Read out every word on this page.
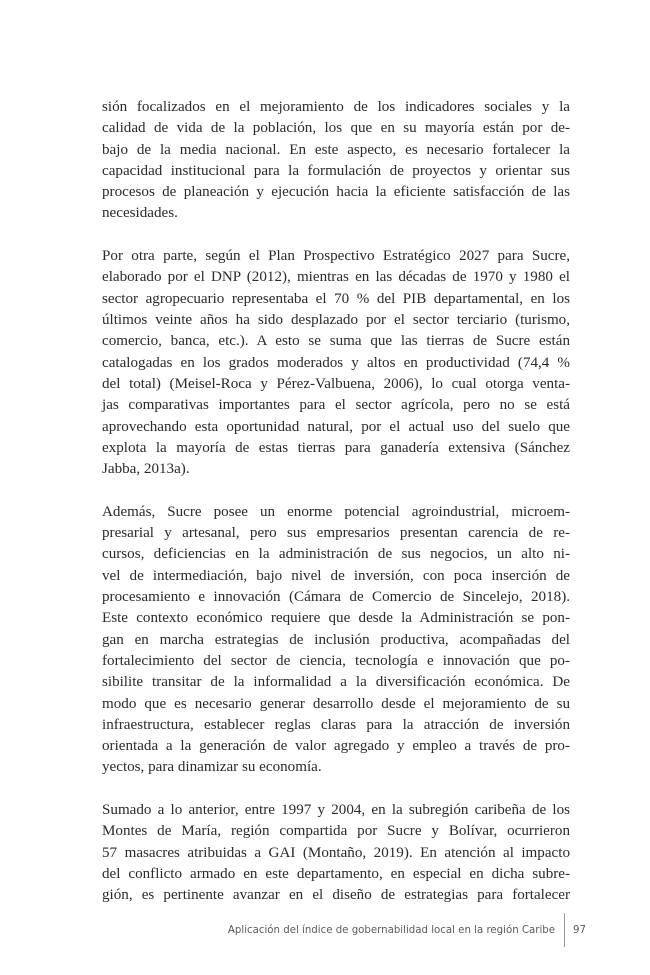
sión focalizados en el mejoramiento de los indicadores sociales y la
calidad de vida de la población, los que en su mayoría están por de-
bajo de la media nacional. En este aspecto, es necesario fortalecer la
capacidad institucional para la formulación de proyectos y orientar sus
procesos de planeación y ejecución hacia la eficiente satisfacción de las
necesidades.

Por otra parte, según el Plan Prospectivo Estratégico 2027 para Sucre,
elaborado por el DNP (2012), mientras en las décadas de 1970 y 1980 el
sector agropecuario representaba el 70 % del PIB departamental, en los
últimos veinte años ha sido desplazado por el sector terciario (turismo,
comercio, banca, etc.). A esto se suma que las tierras de Sucre están
catalogadas en los grados moderados y altos en productividad (74,4 %
del total) (Meisel-Roca y Pérez-Valbuena, 2006), lo cual otorga venta-
jas comparativas importantes para el sector agrícola, pero no se está
aprovechando esta oportunidad natural, por el actual uso del suelo que
explota la mayoría de estas tierras para ganadería extensiva (Sánchez
Jabba, 2013a).

Además, Sucre posee un enorme potencial agroindustrial, microem-
presarial y artesanal, pero sus empresarios presentan carencia de re-
cursos, deficiencias en la administración de sus negocios, un alto ni-
vel de intermediación, bajo nivel de inversión, con poca inserción de
procesamiento e innovación (Cámara de Comercio de Sincelejo, 2018).
Este contexto económico requiere que desde la Administración se pon-
gan en marcha estrategias de inclusión productiva, acompañadas del
fortalecimiento del sector de ciencia, tecnología e innovación que po-
sibilite transitar de la informalidad a la diversificación económica. De
modo que es necesario generar desarrollo desde el mejoramiento de su
infraestructura, establecer reglas claras para la atracción de inversión
orientada a la generación de valor agregado y empleo a través de pro-
yectos, para dinamizar su economía.

Sumado a lo anterior, entre 1997 y 2004, en la subregión caribeña de los
Montes de María, región compartida por Sucre y Bolívar, ocurrieron
57 masacres atribuidas a GAI (Montaño, 2019). En atención al impacto
del conflicto armado en este departamento, en especial en dicha subre-
gión, es pertinente avanzar en el diseño de estrategias para fortalecer

Aplicación del índice de gobernabilidad local en la región Caribe 97
